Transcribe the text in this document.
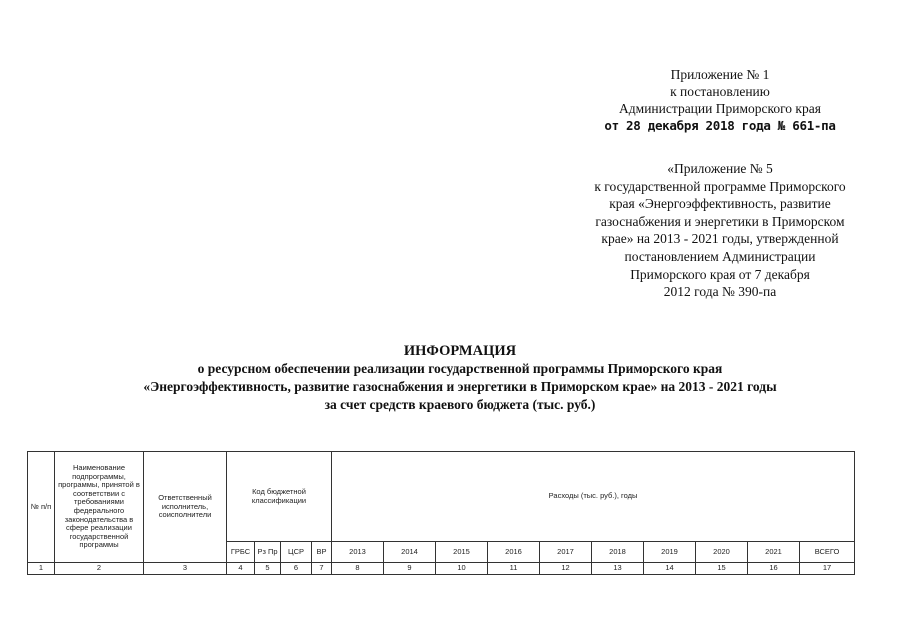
Приложение № 1
к постановлению
Администрации Приморского края
от 28 декабря 2018 года № 661-па
«Приложение № 5
к государственной программе Приморского
края «Энергоэффективность, развитие
газоснабжения и энергетики в Приморском
крае» на 2013 - 2021 годы, утвержденной
постановлением Администрации
Приморского края от 7 декабря
2012 года № 390-па
ИНФОРМАЦИЯ
о ресурсном обеспечении реализации государственной программы Приморского края
«Энергоэффективность, развитие газоснабжения и энергетики в Приморском крае» на 2013 - 2021 годы
за счет средств краевого бюджета (тыс. руб.)
№ п/п	Наименование подпрограммы, программы, принятой в соответствии с требованиями федерального законодательства в сфере реализации государственной программы	Ответственный исполнитель, соисполнители	Код бюджетной классификации				Расходы (тыс. руб.), годы									
			ГРБС	Рз Пр	ЦСР	ВР	2013	2014	2015	2016	2017	2018	2019	2020	2021	ВСЕГО
1	2	3	4	5	6	7	8	9	10	11	12	13	14	15	16	17
